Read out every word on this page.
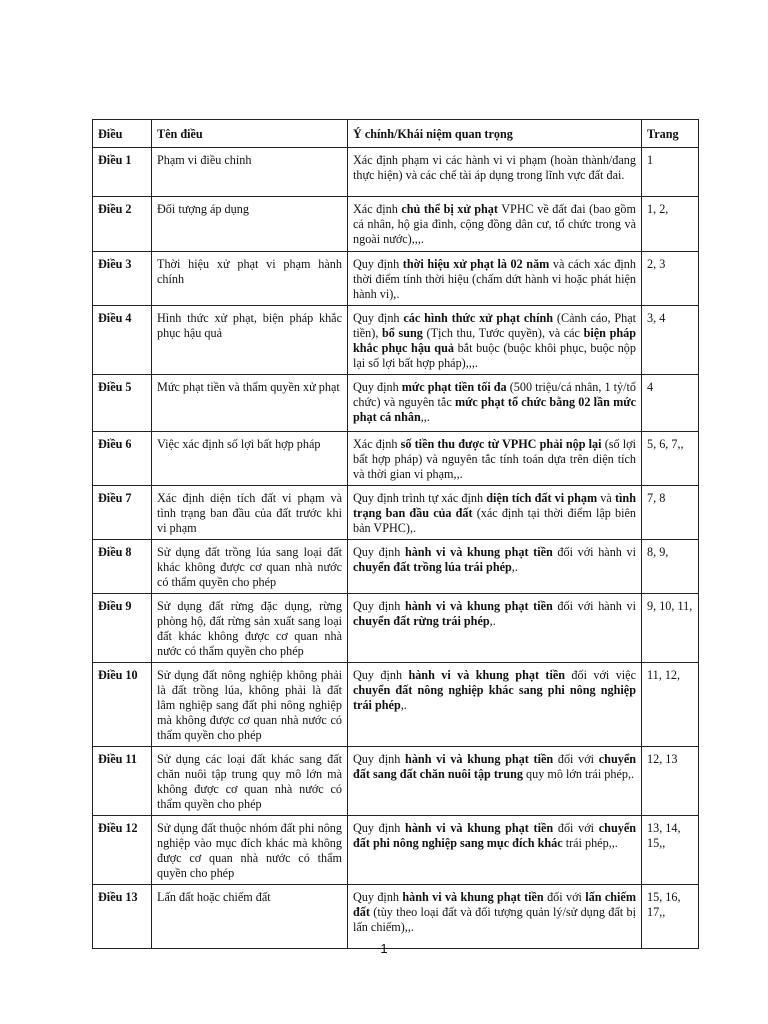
Điều	Tên điều	Ý chính/Khái niệm quan trọng	Trang
Điều 1	Phạm vi điều chỉnh	Xác định phạm vi các hành vi vi phạm (hoàn thành/đang thực hiện) và các chế tài áp dụng trong lĩnh vực đất đai.	1
Điều 2	Đối tượng áp dụng	Xác định chủ thể bị xử phạt VPHC về đất đai (bao gồm cá nhân, hộ gia đình, cộng đồng dân cư, tổ chức trong và ngoài nước),,,.	1, 2,
Điều 3	Thời hiệu xử phạt vi phạm hành chính	Quy định thời hiệu xử phạt là 02 năm và cách xác định thời điểm tính thời hiệu (chấm dứt hành vi hoặc phát hiện hành vi),.	2, 3
Điều 4	Hình thức xử phạt, biện pháp khắc phục hậu quả	Quy định các hình thức xử phạt chính (Cảnh cáo, Phạt tiền), bổ sung (Tịch thu, Tước quyền), và các biện pháp khắc phục hậu quả bắt buộc (buộc khôi phục, buộc nộp lại số lợi bất hợp pháp),,,.	3, 4
Điều 5	Mức phạt tiền và thẩm quyền xử phạt	Quy định mức phạt tiền tối đa (500 triệu/cá nhân, 1 tỷ/tổ chức) và nguyên tắc mức phạt tổ chức bằng 02 lần mức phạt cá nhân,,.	4
Điều 6	Việc xác định số lợi bất hợp pháp	Xác định số tiền thu được từ VPHC phải nộp lại (số lợi bất hợp pháp) và nguyên tắc tính toán dựa trên diện tích và thời gian vi phạm,,.	5, 6, 7,,
Điều 7	Xác định diện tích đất vi phạm và tình trạng ban đầu của đất trước khi vi phạm	Quy định trình tự xác định diện tích đất vi phạm và tình trạng ban đầu của đất (xác định tại thời điểm lập biên bản VPHC),.	7, 8
Điều 8	Sử dụng đất trồng lúa sang loại đất khác không được cơ quan nhà nước có thẩm quyền cho phép	Quy định hành vi và khung phạt tiền đối với hành vi chuyển đất trồng lúa trái phép,.	8, 9,
Điều 9	Sử dụng đất rừng đặc dụng, rừng phòng hộ, đất rừng sản xuất sang loại đất khác không được cơ quan nhà nước có thẩm quyền cho phép	Quy định hành vi và khung phạt tiền đối với hành vi chuyển đất rừng trái phép,.	9, 10, 11,
Điều 10	Sử dụng đất nông nghiệp không phải là đất trồng lúa, không phải là đất lâm nghiệp sang đất phi nông nghiệp mà không được cơ quan nhà nước có thẩm quyền cho phép	Quy định hành vi và khung phạt tiền đối với việc chuyển đất nông nghiệp khác sang phi nông nghiệp trái phép,.	11, 12,
Điều 11	Sử dụng các loại đất khác sang đất chăn nuôi tập trung quy mô lớn mà không được cơ quan nhà nước có thẩm quyền cho phép	Quy định hành vi và khung phạt tiền đối với chuyển đất sang đất chăn nuôi tập trung quy mô lớn trái phép,.	12, 13
Điều 12	Sử dụng đất thuộc nhóm đất phi nông nghiệp vào mục đích khác mà không được cơ quan nhà nước có thẩm quyền cho phép	Quy định hành vi và khung phạt tiền đối với chuyển đất phi nông nghiệp sang mục đích khác trái phép,,.	13, 14, 15,,
Điều 13	Lấn đất hoặc chiếm đất	Quy định hành vi và khung phạt tiền đối với lấn chiếm đất (tùy theo loại đất và đối tượng quản lý/sử dụng đất bị lấn chiếm),,.	15, 16, 17,,
1
